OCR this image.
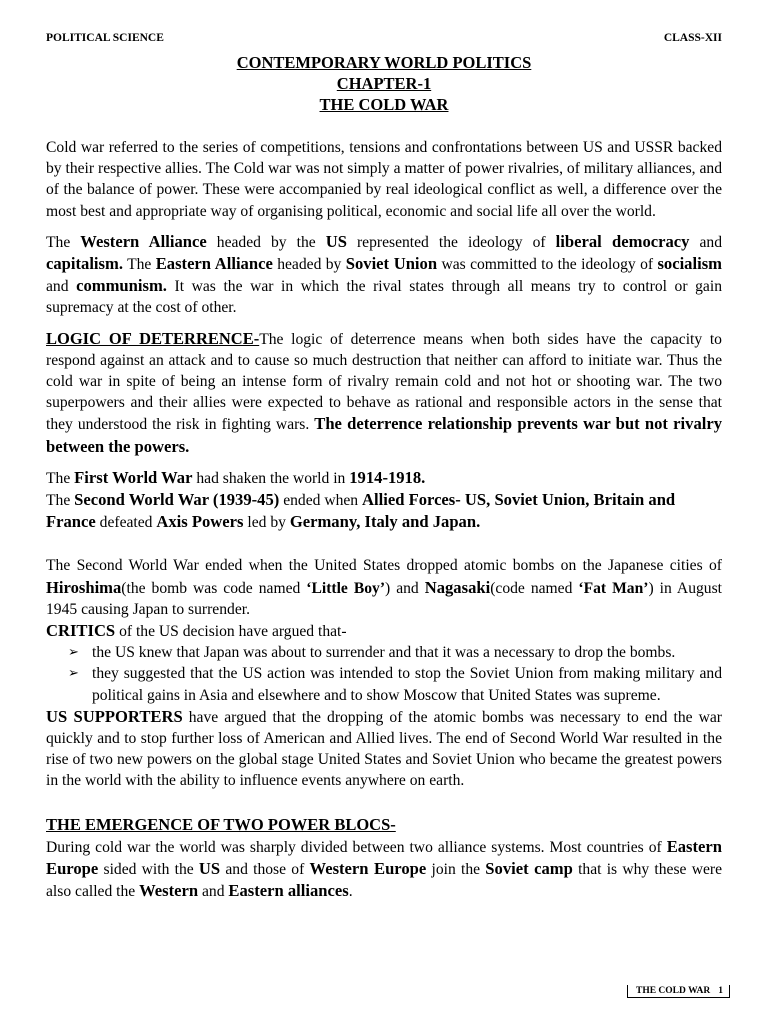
POLITICAL SCIENCE	CLASS-XII
CONTEMPORARY WORLD POLITICS
CHAPTER-1
THE COLD WAR

Cold war referred to the series of competitions, tensions and confrontations between US and USSR backed by their respective allies. The Cold war was not simply a matter of power rivalries, of military alliances, and of the balance of power. These were accompanied by real ideological conflict as well, a difference over the most best and appropriate way of organising political, economic and social life all over the world.

The Western Alliance headed by the US represented the ideology of liberal democracy and capitalism. The Eastern Alliance headed by Soviet Union was committed to the ideology of socialism and communism. It was the war in which the rival states through all means try to control or gain supremacy at the cost of other.

LOGIC OF DETERRENCE-The logic of deterrence means when both sides have the capacity to respond against an attack and to cause so much destruction that neither can afford to initiate war. Thus the cold war in spite of being an intense form of rivalry remain cold and not hot or shooting war. The two superpowers and their allies were expected to behave as rational and responsible actors in the sense that they understood the risk in fighting wars. The deterrence relationship prevents war but not rivalry between the powers.

The First World War had shaken the world in 1914-1918.
The Second World War (1939-45) ended when Allied Forces- US, Soviet Union, Britain and France defeated Axis Powers led by Germany, Italy and Japan.

The Second World War ended when the United States dropped atomic bombs on the Japanese cities of Hiroshima(the bomb was code named ‘Little Boy’) and Nagasaki(code named ‘Fat Man’) in August 1945 causing Japan to surrender.

CRITICS of the US decision have argued that-

➢ the US knew that Japan was about to surrender and that it was a necessary to drop the bombs.
➢ they suggested that the US action was intended to stop the Soviet Union from making military and political gains in Asia and elsewhere and to show Moscow that United States was supreme.

US SUPPORTERS have argued that the dropping of the atomic bombs was necessary to end the war quickly and to stop further loss of American and Allied lives. The end of Second World War resulted in the rise of two new powers on the global stage United States and Soviet Union who became the greatest powers in the world with the ability to influence events anywhere on earth.

THE EMERGENCE OF TWO POWER BLOCS-

During cold war the world was sharply divided between two alliance systems. Most countries of Eastern Europe sided with the US and those of Western Europe join the Soviet camp that is why these were also called the Western and Eastern alliances.

THE COLD WAR 1
